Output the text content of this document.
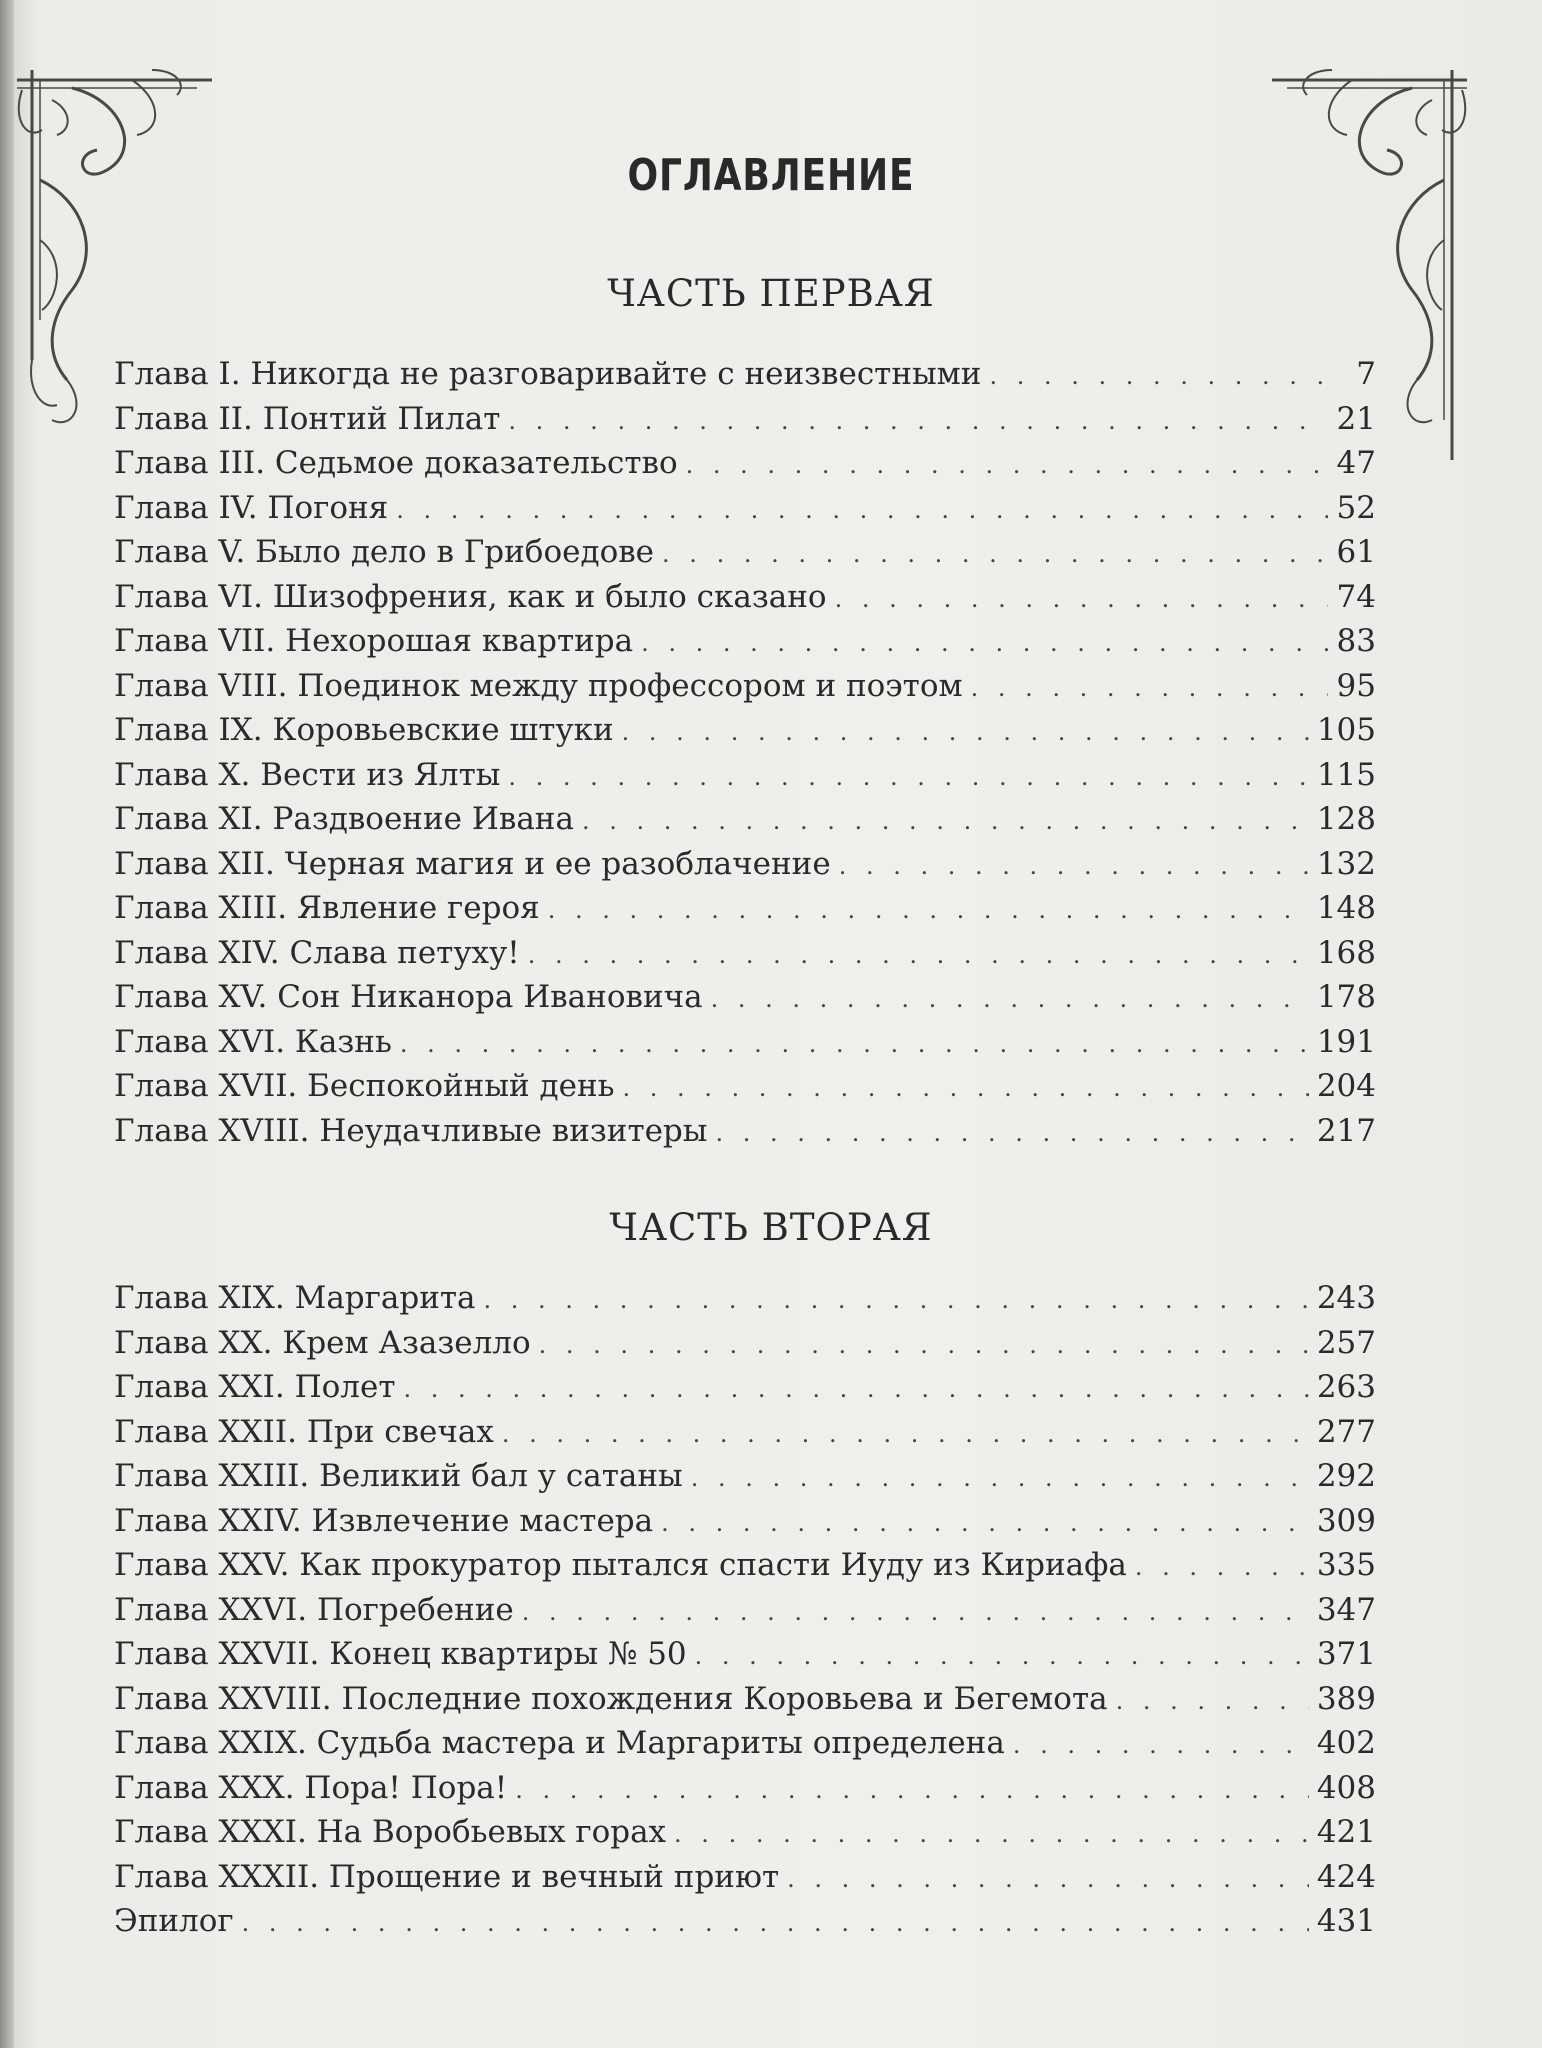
ОГЛАВЛЕНИЕ
ЧАСТЬ ПЕРВАЯ
Глава I. Никогда не разговаривайте с неизвестными . . .	7
Глава II. Понтий Пилат . . .	21
Глава III. Седьмое доказательство . . .	47
Глава IV. Погоня . . .	52
Глава V. Было дело в Грибоедове . . .	61
Глава VI. Шизофрения, как и было сказано . . .	74
Глава VII. Нехорошая квартира . . .	83
Глава VIII. Поединок между профессором и поэтом . . .	95
Глава IX. Коровьевские штуки . . .	105
Глава X. Вести из Ялты . . .	115
Глава XI. Раздвоение Ивана . . .	128
Глава XII. Черная магия и ее разоблачение . . .	132
Глава XIII. Явление героя . . .	148
Глава XIV. Слава петуху! . . .	168
Глава XV. Сон Никанора Ивановича . . .	178
Глава XVI. Казнь . . .	191
Глава XVII. Беспокойный день . . .	204
Глава XVIII. Неудачливые визитеры . . .	217
ЧАСТЬ ВТОРАЯ
Глава XIX. Маргарита . . .	243
Глава XX. Крем Азазелло . . .	257
Глава XXI. Полет . . .	263
Глава XXII. При свечах . . .	277
Глава XXIII. Великий бал у сатаны . . .	292
Глава XXIV. Извлечение мастера . . .	309
Глава XXV. Как прокуратор пытался спасти Иуду из Кириафа . . .	335
Глава XXVI. Погребение . . .	347
Глава XXVII. Конец квартиры № 50 . . .	371
Глава XXVIII. Последние похождения Коровьева и Бегемота . . .	389
Глава XXIX. Судьба мастера и Маргариты определена . . .	402
Глава XXX. Пора! Пора! . . .	408
Глава XXXI. На Воробьевых горах . . .	421
Глава XXXII. Прощение и вечный приют . . .	424
Эпилог . . .	431
